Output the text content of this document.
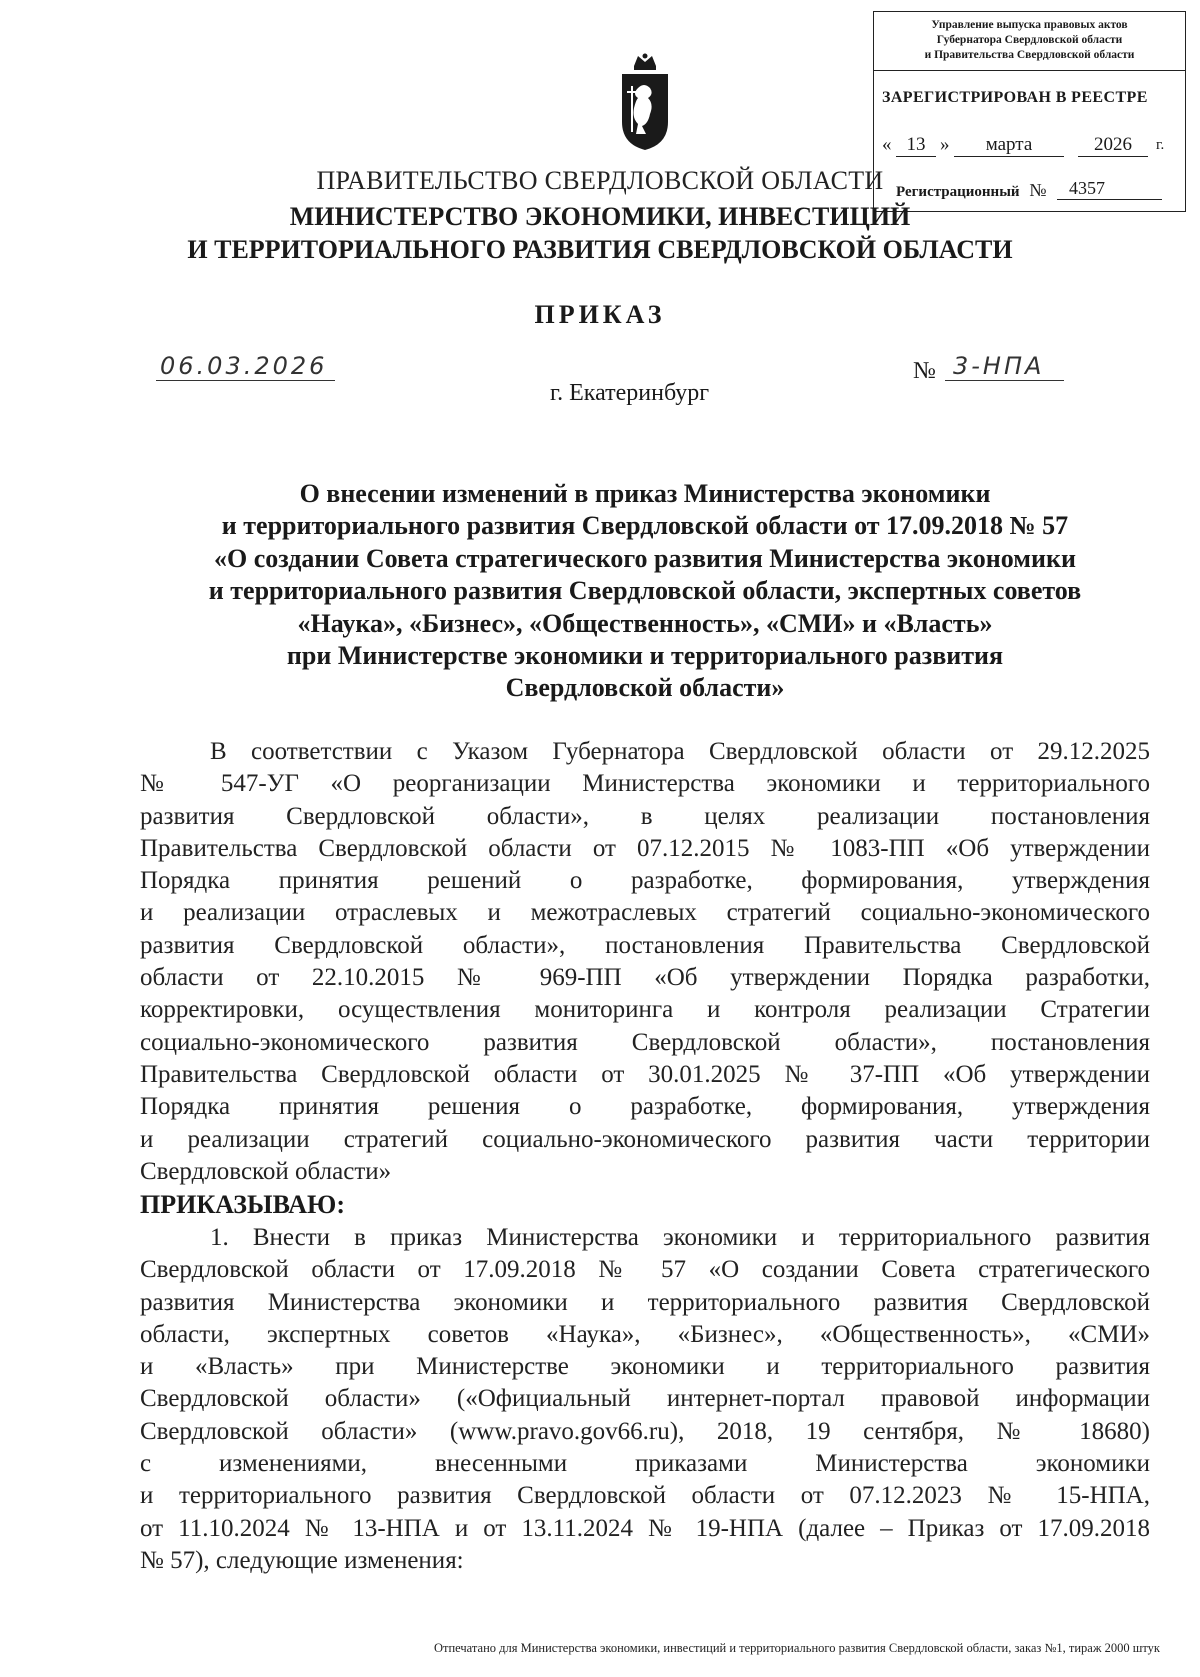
Управление выпуска правовых актов
Губернатора Свердловской области
и Правительства Свердловской области
ЗАРЕГИСТРИРОВАН В РЕЕСТРЕ
« 13 »	марта	2026	г.
Регистрационный №	4357
ПРАВИТЕЛЬСТВО СВЕРДЛОВСКОЙ ОБЛАСТИ
МИНИСТЕРСТВО ЭКОНОМИКИ, ИНВЕСТИЦИЙ
И ТЕРРИТОРИАЛЬНОГО РАЗВИТИЯ СВЕРДЛОВСКОЙ ОБЛАСТИ
ПРИКАЗ
06.03.2026	№ 3-НПА
г. Екатеринбург
О внесении изменений в приказ Министерства экономики
и территориального развития Свердловской области от 17.09.2018 № 57
«О создании Совета стратегического развития Министерства экономики
и территориального развития Свердловской области, экспертных советов
«Наука», «Бизнес», «Общественность», «СМИ» и «Власть»
при Министерстве экономики и территориального развития
Свердловской области»
В соответствии с Указом Губернатора Свердловской области от 29.12.2025
№ 547-УГ «О реорганизации Министерства экономики и территориального
развития Свердловской области», в целях реализации постановления
Правительства Свердловской области от 07.12.2015 № 1083-ПП «Об утверждении
Порядка принятия решений о разработке, формирования, утверждения
и реализации отраслевых и межотраслевых стратегий социально-экономического
развития Свердловской области», постановления Правительства Свердловской
области от 22.10.2015 № 969-ПП «Об утверждении Порядка разработки,
корректировки, осуществления мониторинга и контроля реализации Стратегии
социально-экономического развития Свердловской области», постановления
Правительства Свердловской области от 30.01.2025 № 37-ПП «Об утверждении
Порядка принятия решения о разработке, формирования, утверждения
и реализации стратегий социально-экономического развития части территории
Свердловской области»
ПРИКАЗЫВАЮ:
1. Внести в приказ Министерства экономики и территориального развития
Свердловской области от 17.09.2018 № 57 «О создании Совета стратегического
развития Министерства экономики и территориального развития Свердловской
области, экспертных советов «Наука», «Бизнес», «Общественность», «СМИ»
и «Власть» при Министерстве экономики и территориального развития
Свердловской области» («Официальный интернет-портал правовой информации
Свердловской области» (www.pravo.gov66.ru), 2018, 19 сентября, № 18680)
с изменениями, внесенными приказами Министерства экономики
и территориального развития Свердловской области от 07.12.2023 № 15-НПА,
от 11.10.2024 № 13-НПА и от 13.11.2024 № 19-НПА (далее – Приказ от 17.09.2018
№ 57), следующие изменения:
Отпечатано для Министерства экономики, инвестиций и территориального развития Свердловской области, заказ №1, тираж 2000 штук
